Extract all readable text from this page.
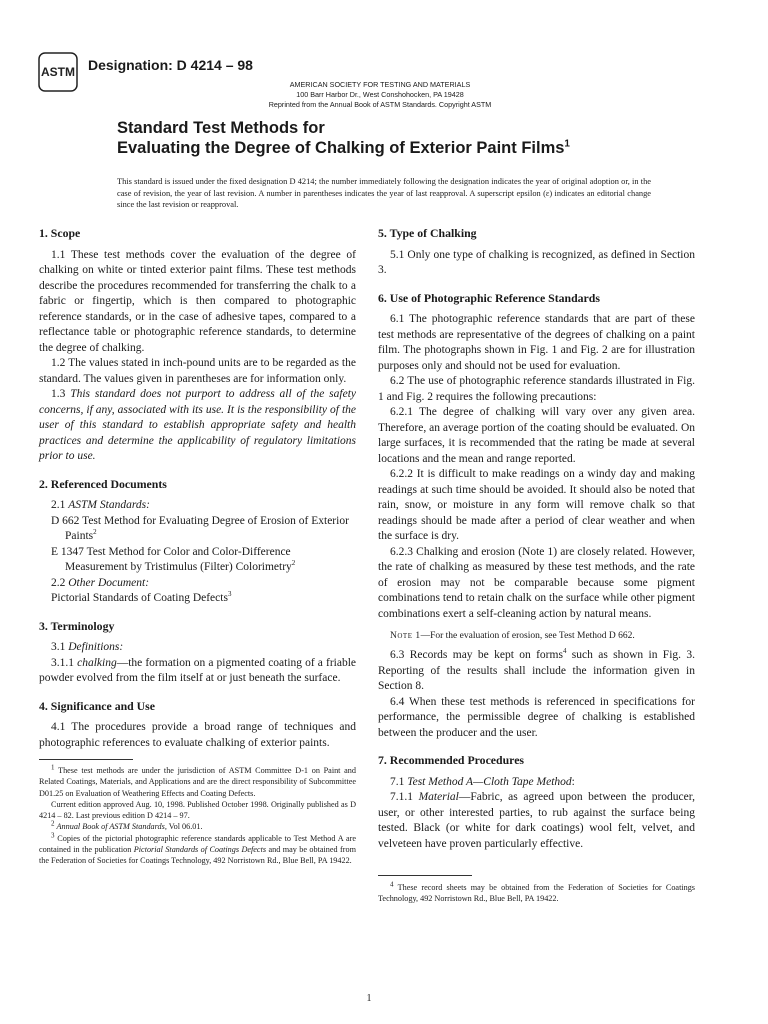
ASTM Designation: D 4214 – 98
AMERICAN SOCIETY FOR TESTING AND MATERIALS
100 Barr Harbor Dr., West Conshohocken, PA 19428
Reprinted from the Annual Book of ASTM Standards. Copyright ASTM
Standard Test Methods for
Evaluating the Degree of Chalking of Exterior Paint Films$^1$
This standard is issued under the fixed designation D 4214; the number immediately following the designation indicates the year of original adoption or, in the case of revision, the year of last revision. A number in parentheses indicates the year of last reapproval. A superscript epsilon (ε) indicates an editorial change since the last revision or reapproval.
1. Scope

1.1 These test methods cover the evaluation of the degree of chalking on white or tinted exterior paint films. These test methods describe the procedures recommended for transferring the chalk to a fabric or fingertip, which is then compared to photographic reference standards, or in the case of adhesive tapes, compared to a reflectance table or photographic reference standards, to determine the degree of chalking.

1.2 The values stated in inch-pound units are to be regarded as the standard. The values given in parentheses are for information only.

1.3 This standard does not purport to address all of the safety concerns, if any, associated with its use. It is the responsibility of the user of this standard to establish appropriate safety and health practices and determine the applicability of regulatory limitations prior to use.

2. Referenced Documents

2.1 ASTM Standards:

D 662 Test Method for Evaluating Degree of Erosion of Exterior Paints$^2$

E 1347 Test Method for Color and Color-Difference Measurement by Tristimulus (Filter) Colorimetry$^2$

2.2 Other Document:

Pictorial Standards of Coating Defects$^3$

3. Terminology

3.1 Definitions:

3.1.1 chalking—the formation on a pigmented coating of a friable powder evolved from the film itself at or just beneath the surface.

4. Significance and Use

4.1 The procedures provide a broad range of techniques and photographic references to evaluate chalking of exterior paints.

$^1$ These test methods are under the jurisdiction of ASTM Committee D-1 on Paint and Related Coatings, Materials, and Applications and are the direct responsibility of Subcommittee D01.25 on Evaluation of Weathering Effects and Coating Defects.

Current edition approved Aug. 10, 1998. Published October 1998. Originally published as D 4214 – 82. Last previous edition D 4214 – 97.

$^2$ Annual Book of ASTM Standards, Vol 06.01.

$^3$ Copies of the pictorial photographic reference standards applicable to Test Method A are contained in the publication Pictorial Standards of Coatings Defects and may be obtained from the Federation of Societies for Coatings Technology, 492 Norristown Rd., Blue Bell, PA 19422.

5. Type of Chalking

5.1 Only one type of chalking is recognized, as defined in Section 3.

6. Use of Photographic Reference Standards

6.1 The photographic reference standards that are part of these test methods are representative of the degrees of chalking on a paint film. The photographs shown in Fig. 1 and Fig. 2 are for illustration purposes only and should not be used for evaluation.

6.2 The use of photographic reference standards illustrated in Fig. 1 and Fig. 2 requires the following precautions:

6.2.1 The degree of chalking will vary over any given area. Therefore, an average portion of the coating should be evaluated. On large surfaces, it is recommended that the rating be made at several locations and the mean and range reported.

6.2.2 It is difficult to make readings on a windy day and making readings at such time should be avoided. It should also be noted that rain, snow, or moisture in any form will remove chalk so that readings should be made after a period of clear weather and when the surface is dry.

6.2.3 Chalking and erosion (Note 1) are closely related. However, the rate of chalking as measured by these test methods, and the rate of erosion may not be comparable because some pigment combinations tend to retain chalk on the surface while other pigment combinations exert a self-cleaning action by natural means.

Note 1—For the evaluation of erosion, see Test Method D 662.

6.3 Records may be kept on forms$^4$ such as shown in Fig. 3. Reporting of the results shall include the information given in Section 8.

6.4 When these test methods is referenced in specifications for performance, the permissible degree of chalking is established between the producer and the user.

7. Recommended Procedures

7.1 Test Method A—Cloth Tape Method:

7.1.1 Material—Fabric, as agreed upon between the producer, user, or other interested parties, to rub against the surface being tested. Black (or white for dark coatings) wool felt, velvet, and velveteen have proven particularly effective.

$^4$ These record sheets may be obtained from the Federation of Societies for Coatings Technology, 492 Norristown Rd., Blue Bell, PA 19422.

1
